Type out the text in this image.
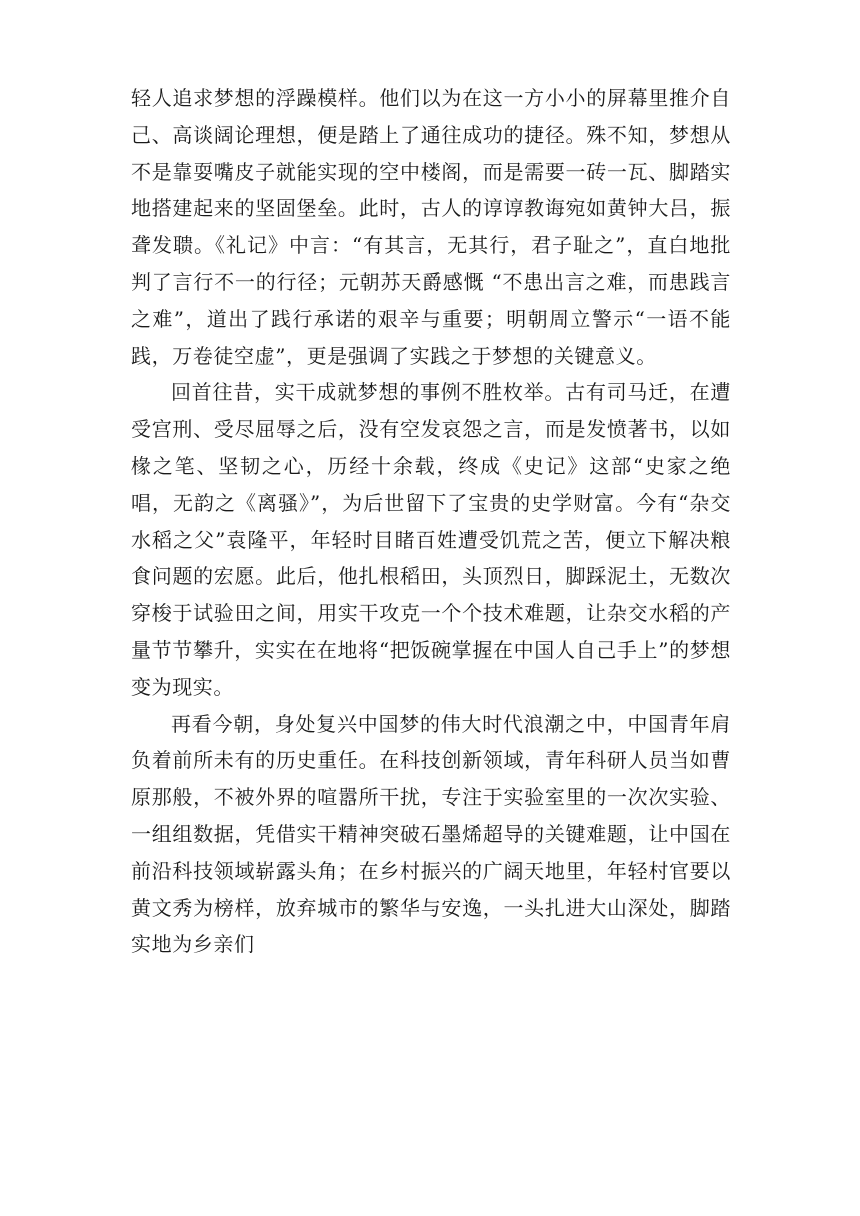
轻人追求梦想的浮躁模样。他们以为在这一方小小的屏幕里推介自己、高谈阔论理想，便是踏上了通往成功的捷径。殊不知，梦想从不是靠耍嘴皮子就能实现的空中楼阁，而是需要一砖一瓦、脚踏实地搭建起来的坚固堡垒。此时，古人的谆谆教诲宛如黄钟大吕，振聋发聩。《礼记》中言：“有其言，无其行，君子耻之”，直白地批判了言行不一的行径；元朝苏天爵感慨 “不患出言之难，而患践言之难”，道出了践行承诺的艰辛与重要；明朝周立警示“一语不能践，万卷徒空虚”，更是强调了实践之于梦想的关键意义。

回首往昔，实干成就梦想的事例不胜枚举。古有司马迁，在遭受宫刑、受尽屈辱之后，没有空发哀怨之言，而是发愤著书，以如椽之笔、坚韧之心，历经十余载，终成《史记》这部“史家之绝唱，无韵之《离骚》”，为后世留下了宝贵的史学财富。今有“杂交水稻之父”袁隆平，年轻时目睹百姓遭受饥荒之苦，便立下解决粮食问题的宏愿。此后，他扎根稻田，头顶烈日，脚踩泥土，无数次穿梭于试验田之间，用实干攻克一个个技术难题，让杂交水稻的产量节节攀升，实实在在地将“把饭碗掌握在中国人自己手上”的梦想变为现实。

再看今朝，身处复兴中国梦的伟大时代浪潮之中，中国青年肩负着前所未有的历史重任。在科技创新领域，青年科研人员当如曹原那般，不被外界的喧嚣所干扰，专注于实验室里的一次次实验、一组组数据，凭借实干精神突破石墨烯超导的关键难题，让中国在前沿科技领域崭露头角；在乡村振兴的广阔天地里，年轻村官要以黄文秀为榜样，放弃城市的繁华与安逸，一头扎进大山深处，脚踏实地为乡亲们
